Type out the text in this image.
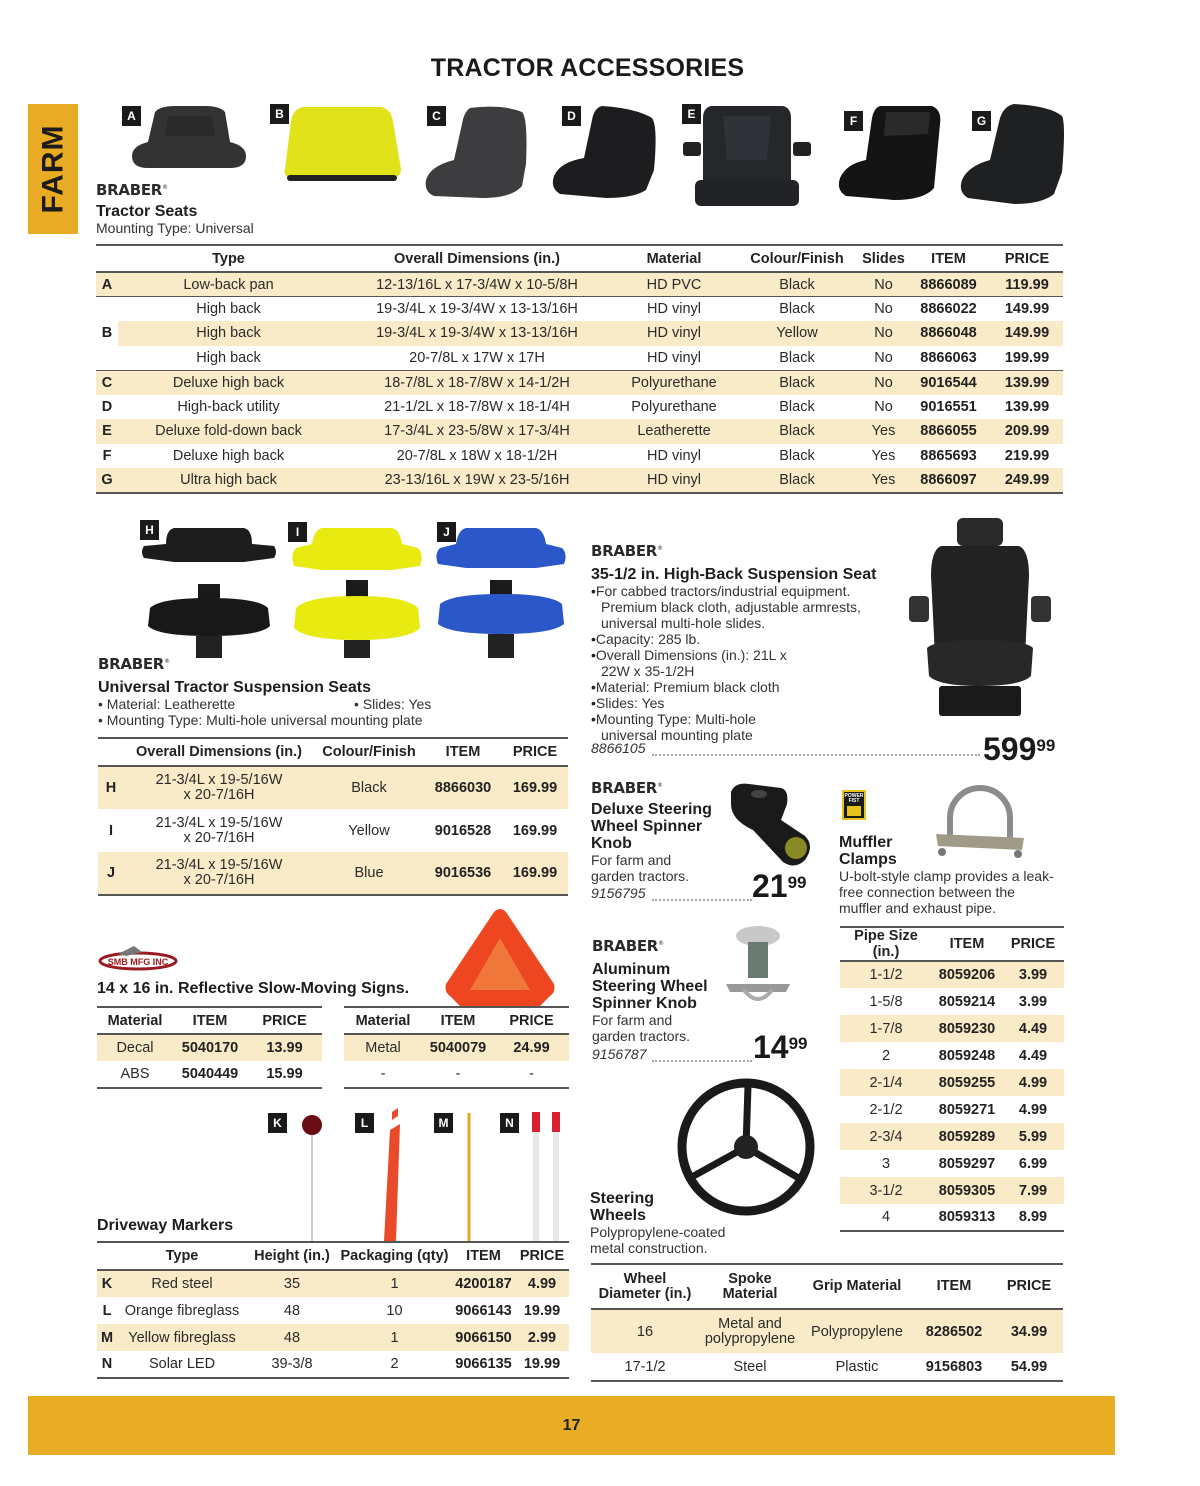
TRACTOR ACCESSORIES
FARM
A	B	C	D	E	F	G
BRABER®
Tractor Seats
Mounting Type: Universal
	Type	Overall Dimensions (in.)	Material	Colour/Finish	Slides	ITEM	PRICE
A	Low-back pan	12-13/16L x 17-3/4W x 10-5/8H	HD PVC	Black	No	8866089	119.99
	High back	19-3/4L x 19-3/4W x 13-13/16H	HD vinyl	Black	No	8866022	149.99
B	High back	19-3/4L x 19-3/4W x 13-13/16H	HD vinyl	Yellow	No	8866048	149.99
	High back	20-7/8L x 17W x 17H	HD vinyl	Black	No	8866063	199.99
C	Deluxe high back	18-7/8L x 18-7/8W x 14-1/2H	Polyurethane	Black	No	9016544	139.99
D	High-back utility	21-1/2L x 18-7/8W x 18-1/4H	Polyurethane	Black	No	9016551	139.99
E	Deluxe fold-down back	17-3/4L x 23-5/8W x 17-3/4H	Leatherette	Black	Yes	8866055	209.99
F	Deluxe high back	20-7/8L x 18W x 18-1/2H	HD vinyl	Black	Yes	8865693	219.99
G	Ultra high back	23-13/16L x 19W x 23-5/16H	HD vinyl	Black	Yes	8866097	249.99
H	I	J
BRABER®
Universal Tractor Suspension Seats
• Material: Leatherette	• Slides: Yes
• Mounting Type: Multi-hole universal mounting plate
	Overall Dimensions (in.)	Colour/Finish	ITEM	PRICE
H	21-3/4L x 19-5/16W
x 20-7/16H	Black	8866030	169.99
I	21-3/4L x 19-5/16W
x 20-7/16H	Yellow	9016528	169.99
J	21-3/4L x 19-5/16W
x 20-7/16H	Blue	9016536	169.99
BRABER®
35-1/2 in. High-Back Suspension Seat
• For cabbed tractors/industrial equipment. Premium black cloth, adjustable armrests, universal multi-hole slides.
• Capacity: 285 lb.
• Overall Dimensions (in.): 21L x 22W x 35-1/2H
• Material: Premium black cloth
• Slides: Yes
• Mounting Type: Multi-hole universal mounting plate
8866105	$599^{99}$
BRABER®
Deluxe Steering Wheel Spinner Knob
For farm and garden tractors.
9156795	$21^{99}$
POWER FIST
Muffler Clamps
U-bolt-style clamp provides a leak-free connection between the muffler and exhaust pipe.
Pipe Size (in.)	ITEM	PRICE
1-1/2	8059206	3.99
1-5/8	8059214	3.99
1-7/8	8059230	4.49
2	8059248	4.49
2-1/4	8059255	4.99
2-1/2	8059271	4.99
2-3/4	8059289	5.99
3	8059297	6.99
3-1/2	8059305	7.99
4	8059313	8.99
BRABER®
Aluminum Steering Wheel Spinner Knob
For farm and garden tractors.
9156787	$14^{99}$
Steering Wheels
Polypropylene-coated metal construction.
Wheel Diameter (in.)	Spoke Material	Grip Material	ITEM	PRICE
16	Metal and polypropylene	Polypropylene	8286502	34.99
17-1/2	Steel	Plastic	9156803	54.99
SMB MFG INC
14 x 16 in. Reflective Slow-Moving Signs.
Material	ITEM	PRICE
Decal	5040170	13.99
ABS	5040449	15.99
Material	ITEM	PRICE
Metal	5040079	24.99
-	-	-
K	L	M	N
Driveway Markers
	Type	Height (in.)	Packaging (qty)	ITEM	PRICE
K	Red steel	35	1	4200187	4.99
L	Orange fibreglass	48	10	9066143	19.99
M	Yellow fibreglass	48	1	9066150	2.99
N	Solar LED	39-3/8	2	9066135	19.99
17
